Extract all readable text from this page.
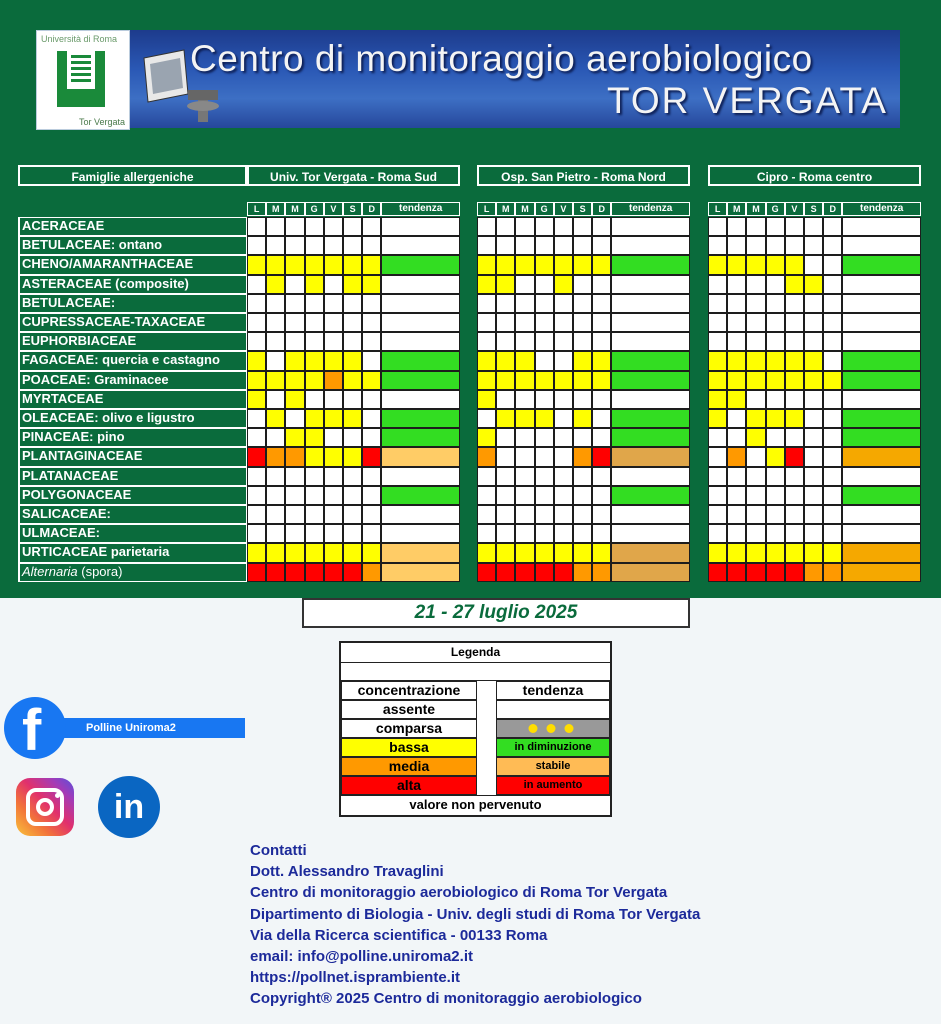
Università di Roma
Tor Vergata
Centro di monitoraggio aerobiologico
TOR VERGATA
Famiglie allergeniche	Univ. Tor Vergata - Roma Sud	Osp. San Pietro - Roma Nord	Cipro - Roma centro
L	M	M	G	V	S	D	tendenza	L	M	M	G	V	S	D	tendenza	L	M	M	G	V	S	D	tendenza
ACERACEAE
BETULACEAE: ontano
CHENO/AMARANTHACEAE
ASTERACEAE (composite)
BETULACEAE:
CUPRESSACEAE-TAXACEAE
EUPHORBIACEAE
FAGACEAE: quercia e castagno
POACEAE: Graminacee
MYRTACEAE
OLEACEAE: olivo e ligustro
PINACEAE: pino
PLANTAGINACEAE
PLATANACEAE
POLYGONACEAE
SALICACEAE:
ULMACEAE:
URTICACEAE parietaria
Alternaria (spora)
21 - 27 luglio 2025
Legenda
concentrazione	tendenza
assente
comparsa
bassa	in diminuzione
media	stabile
alta	in aumento
valore non pervenuto
Polline Uniroma2
f
in
Contatti
Dott. Alessandro Travaglini
Centro di monitoraggio aerobiologico di Roma Tor Vergata
Dipartimento di Biologia - Univ. degli studi di Roma Tor Vergata
Via della Ricerca scientifica - 00133 Roma
email: info@polline.uniroma2.it
https://pollnet.isprambiente.it
Copyright® 2025 Centro di monitoraggio aerobiologico
